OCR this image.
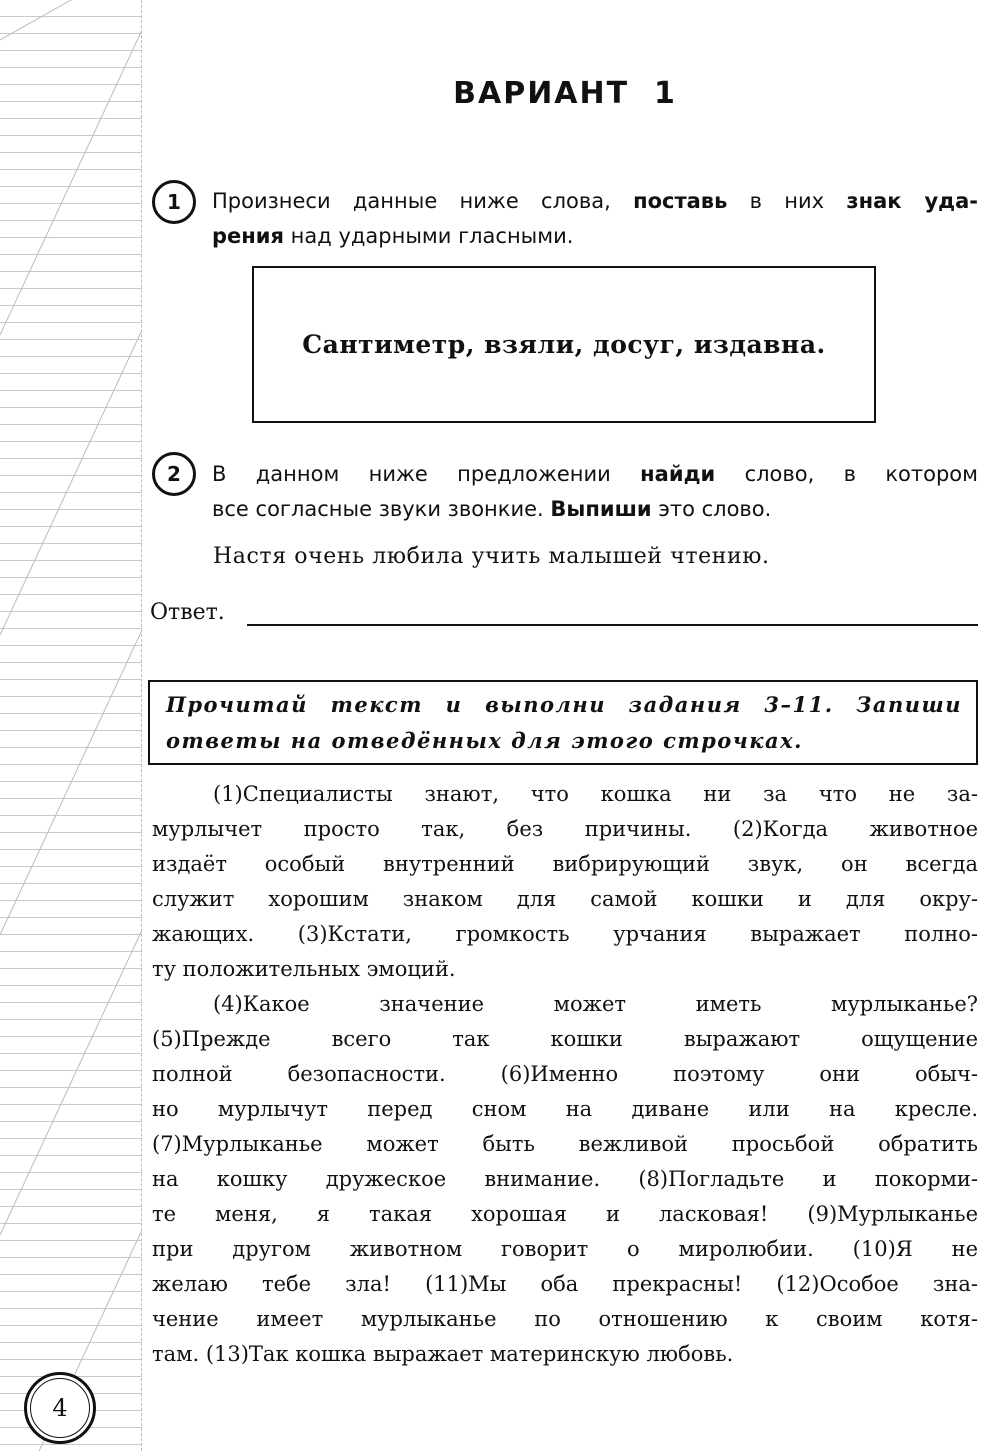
4
ВАРИАНТ  1
1	Произнеси данные ниже слова, поставь в них знак уда-

рения над ударными гласными.

Сантиметр, взяли, досуг, издавна.
2	В данном ниже предложении найди слово, в котором

все согласные звуки звонкие. Выпиши это слово.

Настя очень любила учить малышей чтению.
Ответ.
Прочитай текст и выполни задания 3–11. Запиши ответы на отведённых для этого строчках.
(1)Специалисты знают, что кошка ни за что не за-
мурлычет просто так, без причины. (2)Когда животное
издаёт особый внутренний вибрирующий звук, он всегда
служит хорошим знаком для самой кошки и для окру-
жающих. (3)Кстати, громкость урчания выражает полно-
ту положительных эмоций.
(4)Какое значение может иметь мурлыканье?
(5)Прежде всего так кошки выражают ощущение
полной безопасности. (6)Именно поэтому они обыч-
но мурлычут перед сном на диване или на кресле.
(7)Мурлыканье может быть вежливой просьбой обратить
на кошку дружеское внимание. (8)Погладьте и покорми-
те меня, я такая хорошая и ласковая! (9)Мурлыканье
при другом животном говорит о миролюбии. (10)Я не
желаю тебе зла! (11)Мы оба прекрасны! (12)Особое зна-
чение имеет мурлыканье по отношению к своим котя-
там. (13)Так кошка выражает материнскую любовь.
